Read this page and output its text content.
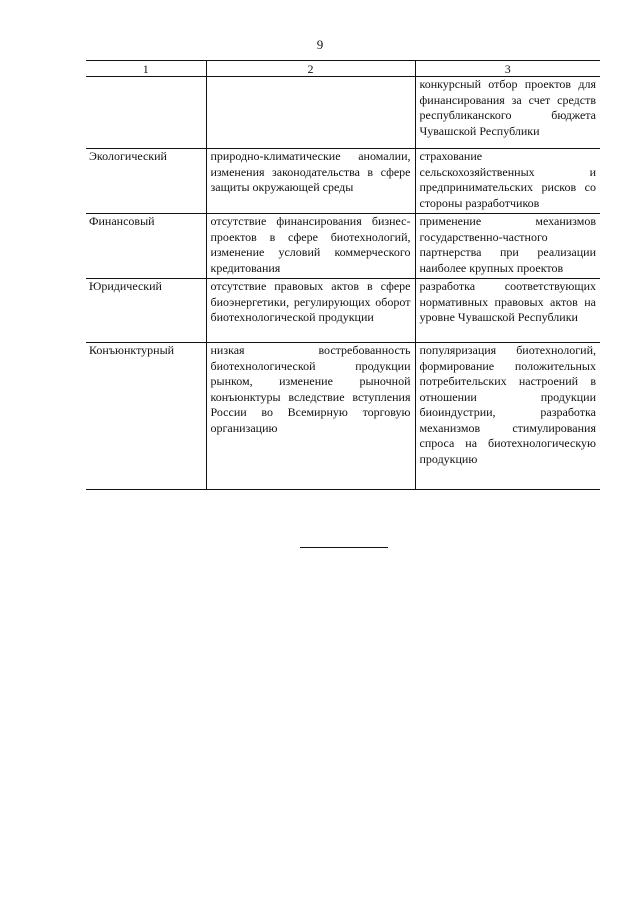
9
1	2	3
		конкурсный отбор проектов для финансирования за счет средств республиканского бюджета Чувашской Республики
Экологический	природно-климатические аномалии, изменения законодательства в сфере защиты окружающей среды	страхование сельскохозяйственных и предпринимательских рисков со стороны разработчиков
Финансовый	отсутствие финансирования бизнес-проектов в сфере биотехнологий, изменение условий коммерческого кредитования	применение механизмов государственно-частного партнерства при реализации наиболее крупных проектов
Юридический	отсутствие правовых актов в сфере биоэнергетики, регулирующих оборот биотехнологической продукции	разработка соответствующих нормативных правовых актов на уровне Чувашской Республики
Конъюнктурный	низкая востребованность биотехнологической продукции рынком, изменение рыночной конъюнктуры вследствие вступления России во Всемирную торговую организацию	популяризация биотехнологий, формирование положительных потребительских настроений в отношении продукции биоиндустрии, разработка механизмов стимулирования спроса на биотехнологическую продукцию
